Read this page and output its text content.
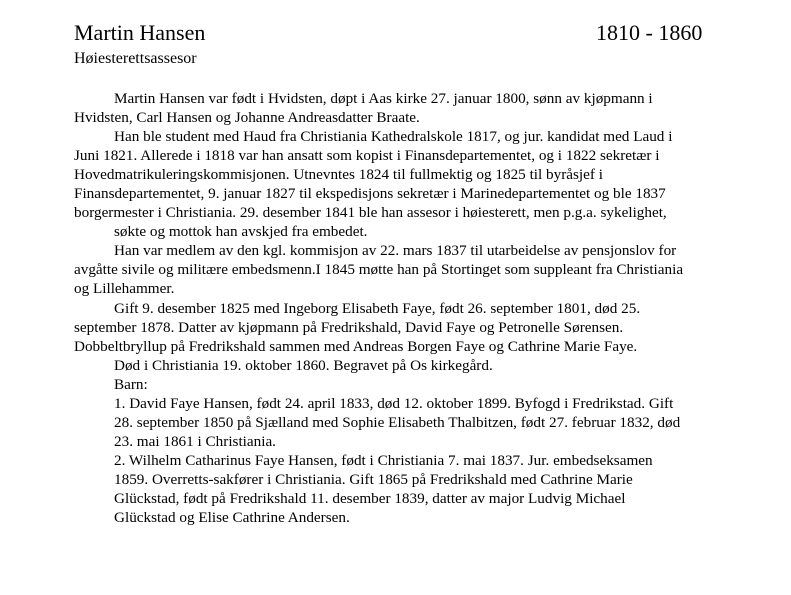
Martin Hansen	1810 - 1860
Høiesterettsassesor
Martin Hansen var født i Hvidsten, døpt i Aas kirke 27. januar 1800, sønn av kjøpmann i
Hvidsten, Carl Hansen og Johanne Andreasdatter Braate.
Han ble student med Haud fra Christiania Kathedralskole 1817, og jur. kandidat med Laud i
Juni 1821. Allerede i 1818 var han ansatt som kopist i Finansdepartementet, og i 1822 sekretær i
Hovedmatrikuleringskommisjonen. Utnevntes 1824 til fullmektig og 1825 til byråsjef i
Finansdepartementet, 9. januar 1827 til ekspedisjons sekretær i Marinedepartementet og ble 1837
borgermester i Christiania. 29. desember 1841 ble han assesor i høiesterett, men p.g.a. sykelighet,
søkte og mottok han avskjed fra embedet.
Han var medlem av den kgl. kommisjon av 22. mars 1837 til utarbeidelse av pensjonslov for
avgåtte sivile og militære embedsmenn.I 1845 møtte han på Stortinget som suppleant fra Christiania
og Lillehammer.
Gift 9. desember 1825 med Ingeborg Elisabeth Faye, født 26. september 1801, død 25.
september 1878. Datter av kjøpmann på Fredrikshald, David Faye og Petronelle Sørensen.
Dobbeltbryllup på Fredrikshald sammen med Andreas Borgen Faye og Cathrine Marie Faye.
Død i Christiania 19. oktober 1860. Begravet på Os kirkegård.
Barn:
1. David Faye Hansen, født 24. april 1833, død 12. oktober 1899. Byfogd i Fredrikstad. Gift
28. september 1850 på Sjælland med Sophie Elisabeth Thalbitzen, født 27. februar 1832, død
23. mai 1861 i Christiania.
2. Wilhelm Catharinus Faye Hansen, født i Christiania 7. mai 1837. Jur. embedseksamen
1859. Overretts-sakfører i Christiania. Gift 1865 på Fredrikshald med Cathrine Marie
Glückstad, født på Fredrikshald 11. desember 1839, datter av major Ludvig Michael
Glückstad og Elise Cathrine Andersen.
